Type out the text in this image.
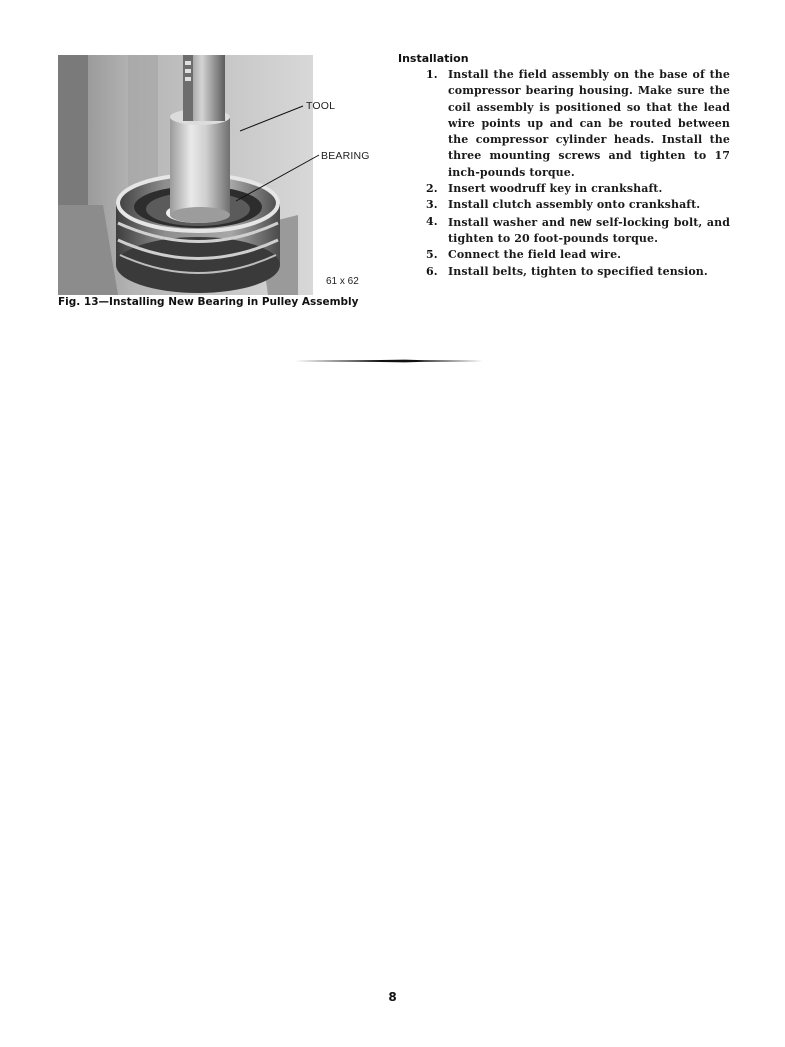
TOOL
BEARING
61 x 62
Fig. 13—Installing New Bearing in Pulley Assembly
Installation
1. Install the field assembly on the base of the compressor bearing housing. Make sure the coil assembly is positioned so that the lead wire points up and can be routed between the compressor cylinder heads. Install the three mounting screws and tighten to 17 inch-pounds torque.
2. Insert woodruff key in crankshaft.
3. Install clutch assembly onto crankshaft.
4. Install washer and new self-locking bolt, and tighten to 20 foot-pounds torque.
5. Connect the field lead wire.
6. Install belts, tighten to specified tension.
8
